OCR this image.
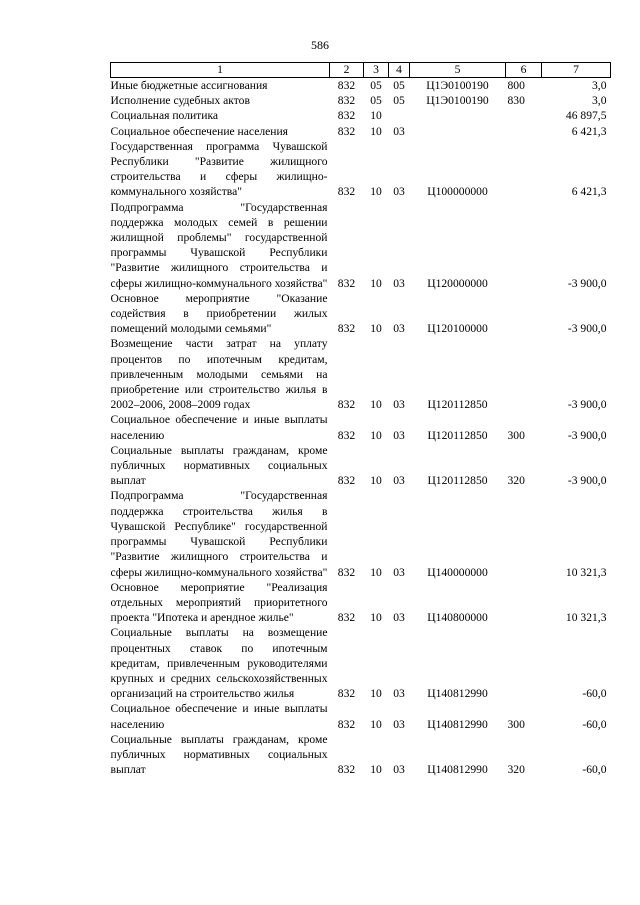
586
1	2	3	4	5	6	7
Иные бюджетные ассигнования	832	05	05	Ц1Э0100190	800	3,0
Исполнение судебных актов	832	05	05	Ц1Э0100190	830	3,0
Социальная политика	832	10				46 897,5
Социальное обеспечение населения	832	10	03			6 421,3
Государственная программа Чувашской Республики "Развитие жилищного строительства и сферы жилищно-коммунального хозяйства"	832	10	03	Ц100000000		6 421,3
Подпрограмма "Государственная поддержка молодых семей в решении жилищной проблемы" государственной программы Чувашской Республики "Развитие жилищного строительства и сферы жилищно-коммунального хозяйства"	832	10	03	Ц120000000		-3 900,0
Основное мероприятие "Оказание содействия в приобретении жилых помещений молодыми семьями"	832	10	03	Ц120100000		-3 900,0
Возмещение части затрат на уплату процентов по ипотечным кредитам, привлеченным молодыми семьями на приобретение или строительство жилья в 2002–2006, 2008–2009 годах	832	10	03	Ц120112850		-3 900,0
Социальное обеспечение и иные выплаты населению	832	10	03	Ц120112850	300	-3 900,0
Социальные выплаты гражданам, кроме публичных нормативных социальных выплат	832	10	03	Ц120112850	320	-3 900,0
Подпрограмма "Государственная поддержка строительства жилья в Чувашской Республике" государственной программы Чувашской Республики "Развитие жилищного строительства и сферы жилищно-коммунального хозяйства"	832	10	03	Ц140000000		10 321,3
Основное мероприятие "Реализация отдельных мероприятий приоритетного проекта "Ипотека и арендное жилье"	832	10	03	Ц140800000		10 321,3
Социальные выплаты на возмещение процентных ставок по ипотечным кредитам, привлеченным руководителями крупных и средних сельскохозяйственных организаций на строительство жилья	832	10	03	Ц140812990		-60,0
Социальное обеспечение и иные выплаты населению	832	10	03	Ц140812990	300	-60,0
Социальные выплаты гражданам, кроме публичных нормативных социальных выплат	832	10	03	Ц140812990	320	-60,0
